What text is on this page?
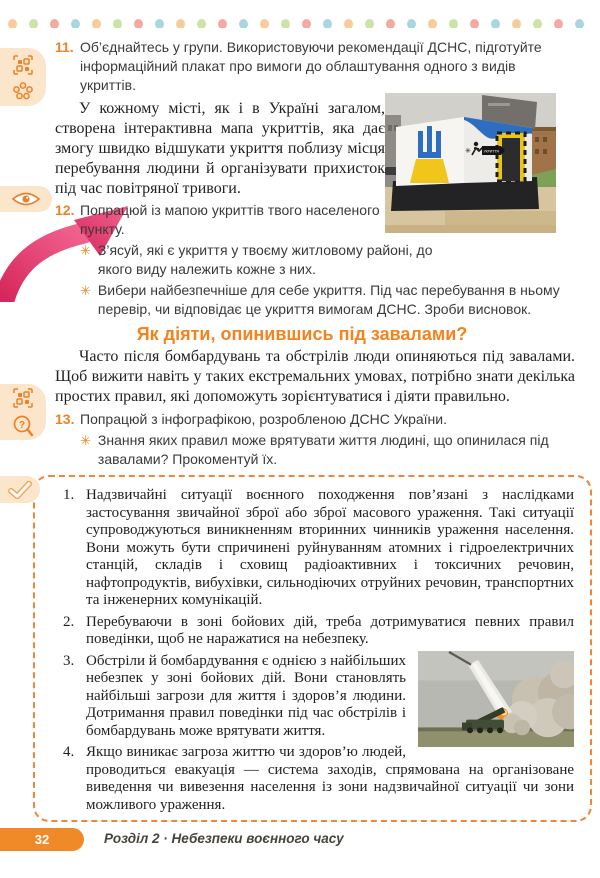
?
✳	УКРИТТЯ
11. Об’єднайтесь у групи. Використовуючи рекомендації ДСНС, підготуйте інформаційний плакат про вимоги до облаштування одного з видів укриттів.

У кожному місті, як і в Україні загалом, створена інтерактивна мапа укриттів, яка дає змогу швидко відшукати укриття поблизу місця перебування людини й організувати прихисток під час повітряної тривоги.

12. Попрацюй із мапою укриттів твого населеного пункту.
✳ З’ясуй, які є укриття у твоєму житловому районі, до якого виду належить кожне з них.
✳ Вибери найбезпечніше для себе укриття. Під час перебування в ньому перевір, чи відповідає це укриття вимогам ДСНС. Зроби висновок.
Як діяти, опинившись під завалами?

Часто після бомбардувань та обстрілів люди опиняються під завалами. Щоб вижити навіть у таких екстремальних умовах, потрібно знати декілька простих правил, які допоможуть зорієнтуватися і діяти правильно.

13. Попрацюй з інфографікою, розробленою ДСНС України.
✳ Знання яких правил може врятувати життя людині, що опинилася під завалами? Прокоментуй їх.
1. Надзвичайні ситуації воєнного походження пов’язані з наслідками застосування звичайної зброї або зброї масового ураження. Такі ситуації супроводжуються виникненням вторинних чинників ураження населення. Вони можуть бути спричинені руйнуванням атомних і гідроелектричних станцій, складів і сховищ радіоактивних і токсичних речовин, нафтопродуктів, вибухівки, сильнодіючих отруйних речовин, транспортних та інженерних комунікацій.
2. Перебуваючи в зоні бойових дій, треба дотримуватися певних правил поведінки, щоб не наражатися на небезпеку.
3. Обстріли й бомбардування є однією з найбільших небезпек у зоні бойових дій. Вони становлять найбільші загрози для життя і здоров’я людини. Дотримання правил поведінки під час обстрілів і бомбардувань може врятувати життя.
4. Якщо виникає загроза життю чи здоров’ю людей, проводиться евакуація — система заходів, спрямована на організоване виведення чи вивезення населення із зони надзвичайної ситуації чи зони можливого ураження.
32	Розділ 2 · Небезпеки воєнного часу
